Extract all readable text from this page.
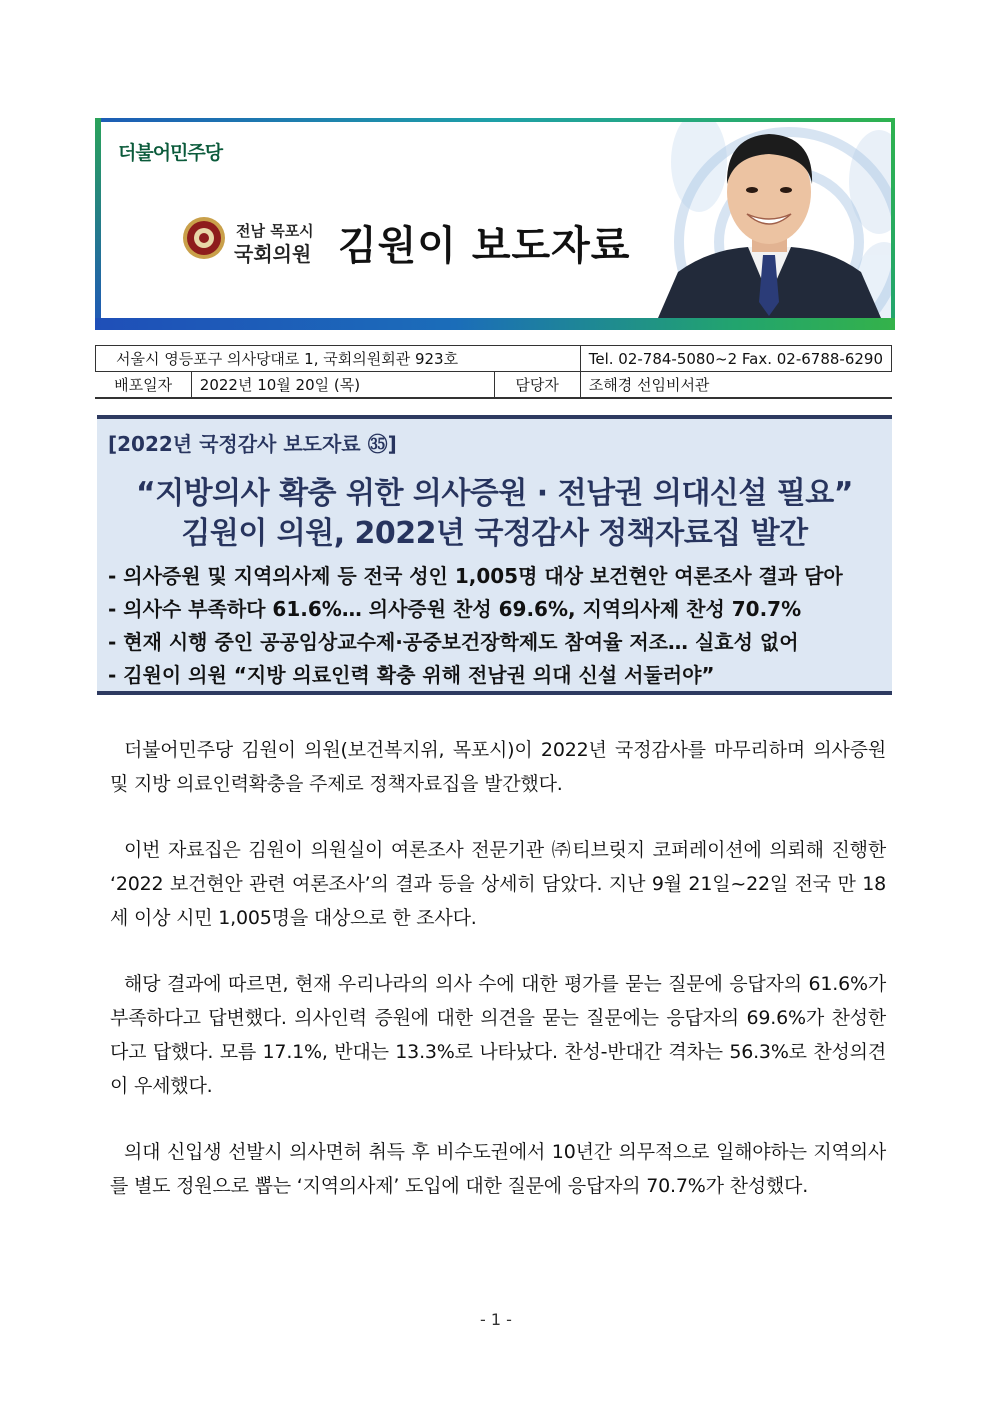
더불어민주당
전남 목포시
국회의원 김원이 보도자료
서울시 영등포구 의사당대로 1, 국회의원회관 923호			Tel. 02-784-5080~2 Fax. 02-6788-6290
배포일자	2022년 10월 20일 (목)	담당자	조해경 선임비서관
[2022년 국정감사 보도자료 ㉟]
“지방의사 확충 위한 의사증원 · 전남권 의대신설 필요”
김원이 의원, 2022년 국정감사 정책자료집 발간
- 의사증원 및 지역의사제 등 전국 성인 1,005명 대상 보건현안 여론조사 결과 담아
- 의사수 부족하다 61.6%… 의사증원 찬성 69.6%, 지역의사제 찬성 70.7%
- 현재 시행 중인 공공임상교수제·공중보건장학제도 참여율 저조… 실효성 없어
- 김원이 의원 “지방 의료인력 확충 위해 전남권 의대 신설 서둘러야”

더불어민주당 김원이 의원(보건복지위, 목포시)이 2022년 국정감사를 마무리하며 의사증원 및 지방 의료인력확충을 주제로 정책자료집을 발간했다.

이번 자료집은 김원이 의원실이 여론조사 전문기관 ㈜티브릿지 코퍼레이션에 의뢰해 진행한 ‘2022 보건현안 관련 여론조사’의 결과 등을 상세히 담았다. 지난 9월 21일~22일 전국 만 18세 이상 시민 1,005명을 대상으로 한 조사다.

해당 결과에 따르면, 현재 우리나라의 의사 수에 대한 평가를 묻는 질문에 응답자의 61.6%가 부족하다고 답변했다. 의사인력 증원에 대한 의견을 묻는 질문에는 응답자의 69.6%가 찬성한다고 답했다. 모름 17.1%, 반대는 13.3%로 나타났다. 찬성-반대간 격차는 56.3%로 찬성의견이 우세했다.

의대 신입생 선발시 의사면허 취득 후 비수도권에서 10년간 의무적으로 일해야하는 지역의사를 별도 정원으로 뽑는 ‘지역의사제’ 도입에 대한 질문에 응답자의 70.7%가 찬성했다.

- 1 -
